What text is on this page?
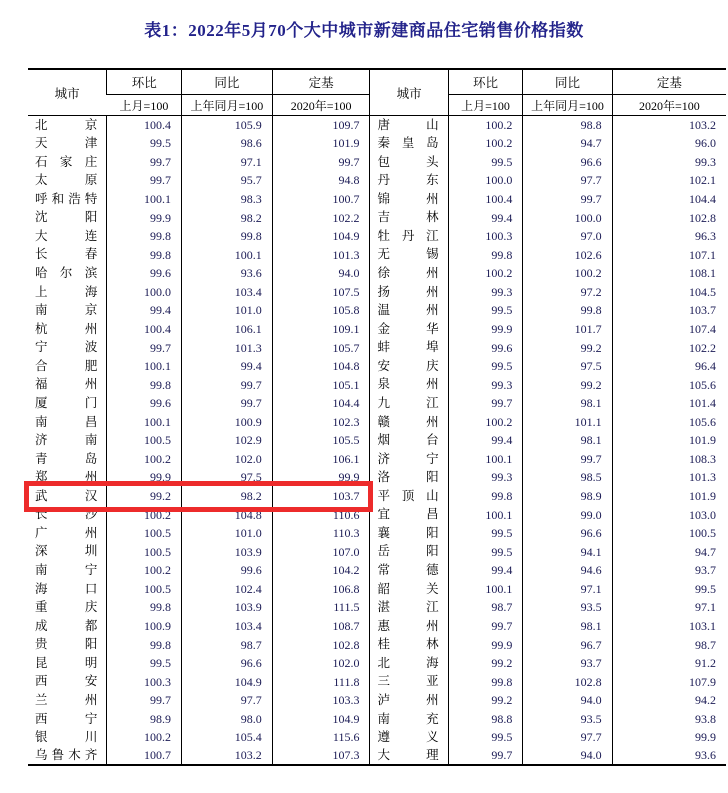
表1：2022年5月70个大中城市新建商品住宅销售价格指数
城市	环比	同比	定基	城市	环比	同比	定基
	上月=100	上年同月=100	2020年=100		上月=100	上年同月=100	2020年=100
北京	100.4	105.9	109.7	唐山	100.2	98.8	103.2
天津	99.5	98.6	101.9	秦皇岛	100.2	94.7	96.0
石家庄	99.7	97.1	99.7	包头	99.5	96.6	99.3
太原	99.7	95.7	94.8	丹东	100.0	97.7	102.1
呼和浩特	100.1	98.3	100.7	锦州	100.4	99.7	104.4
沈阳	99.9	98.2	102.2	吉林	99.4	100.0	102.8
大连	99.8	99.8	104.9	牡丹江	100.3	97.0	96.3
长春	99.8	100.1	101.3	无锡	99.8	102.6	107.1
哈尔滨	99.6	93.6	94.0	徐州	100.2	100.2	108.1
上海	100.0	103.4	107.5	扬州	99.3	97.2	104.5
南京	99.4	101.0	105.8	温州	99.5	99.8	103.7
杭州	100.4	106.1	109.1	金华	99.9	101.7	107.4
宁波	99.7	101.3	105.7	蚌埠	99.6	99.2	102.2
合肥	100.1	99.4	104.8	安庆	99.5	97.5	96.4
福州	99.8	99.7	105.1	泉州	99.3	99.2	105.6
厦门	99.6	99.7	104.4	九江	99.7	98.1	101.4
南昌	100.1	100.9	102.3	赣州	100.2	101.1	105.6
济南	100.5	102.9	105.5	烟台	99.4	98.1	101.9
青岛	100.2	102.0	106.1	济宁	100.1	99.7	108.3
郑州	99.9	97.5	99.9	洛阳	99.3	98.5	101.3
武汉	99.2	98.2	103.7	平顶山	99.8	98.9	101.9
长沙	100.2	104.8	110.6	宜昌	100.1	99.0	103.0
广州	100.5	101.0	110.3	襄阳	99.5	96.6	100.5
深圳	100.5	103.9	107.0	岳阳	99.5	94.1	94.7
南宁	100.2	99.6	104.2	常德	99.4	94.6	93.7
海口	100.5	102.4	106.8	韶关	100.1	97.1	99.5
重庆	99.8	103.9	111.5	湛江	98.7	93.5	97.1
成都	100.9	103.4	108.7	惠州	99.7	98.1	103.1
贵阳	99.8	98.7	102.8	桂林	99.9	96.7	98.7
昆明	99.5	96.6	102.0	北海	99.2	93.7	91.2
西安	100.3	104.9	111.8	三亚	99.8	102.8	107.9
兰州	99.7	97.7	103.3	泸州	99.2	94.0	94.2
西宁	98.9	98.0	104.9	南充	98.8	93.5	93.8
银川	100.2	105.4	115.6	遵义	99.5	97.7	99.9
乌鲁木齐	100.7	103.2	107.3	大理	99.7	94.0	93.6
